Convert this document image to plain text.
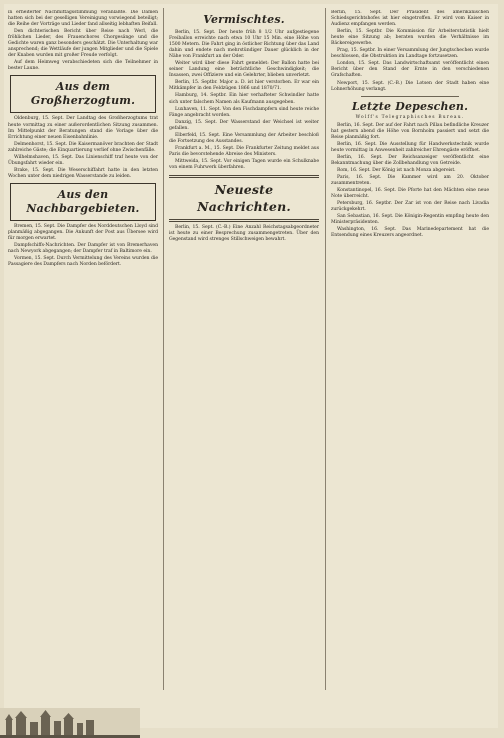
in erheiterter Nachmittagsstimmung veranlaßte. Die Damen hatten sich bei der geselligen Vereinigung vorwiegend beteiligt; die Reihe der Vorträge und Lieder fand allseitig lebhaften Beifall.

Den dichterischen Bericht über Reise nach Werl, die fröhlichen Lieder, des Frauenchores Chorgesänge und die Gedichte waren ganz besonders geschätzt. Die Unterhaltung war ansprechend; die Wettläufe der jungen Mitglieder und die Spiele der Knaben wurden mit großer Freude verfolgt.

Auf dem Heimweg verabschiedeten sich die Teilnehmer in bester Laune.

Aus dem Großherzogtum.

Oldenburg, 15. Sept. Der Landtag des Großherzogtums trat heute vormittag zu einer außerordentlichen Sitzung zusammen. Im Mittelpunkt der Beratungen stand die Vorlage über die Errichtung einer neuen Eisenbahnlinie.

Delmenhorst, 15. Sept. Die Kaisermanöver brachten der Stadt zahlreiche Gäste; die Einquartierung verlief ohne Zwischenfälle.

Wilhelmshaven, 15. Sept. Das Linienschiff traf heute von der Übungsfahrt wieder ein.

Brake, 15. Sept. Die Weserschiffahrt hatte in den letzten Wochen unter dem niedrigen Wasserstande zu leiden.

Aus den Nachbargebieten.

Bremen, 15. Sept. Die Dampfer des Norddeutschen Lloyd sind planmäßig abgegangen. Die Ankunft der Post aus Übersee wird für morgen erwartet.

Dampfschiffs-Nachrichten. Der Dampfer ist von Bremerhaven nach Newyork abgegangen; der Dampfer traf in Baltimore ein.

Vormen, 15. Sept. Durch Vermittelung des Vereins wurden die Passagiere des Dampfers nach Norden befördert.

Vermischtes.

Berlin, 15. Sept. Der heute früh 8 1/2 Uhr aufgestiegene Freiballon erreichte nach etwa 10 Uhr 15 Min. eine Höhe von 1500 Metern. Die Fahrt ging in östlicher Richtung über das Land dahin und endete nach mehrstündiger Dauer glücklich in der Nähe von Frankfurt an der Oder.

Weiter wird über diese Fahrt gemeldet: Der Ballon hatte bei seiner Landung eine beträchtliche Geschwindigkeit; die Insassen, zwei Offiziere und ein Gelehrter, blieben unverletzt.

Berlin, 15. Septbr. Major a. D. ist hier verstorben. Er war ein Mitkämpfer in den Feldzügen 1866 und 1870/71.

Hamburg, 14. Septbr. Ein hier verhafteter Schwindler hatte sich unter falschem Namen als Kaufmann ausgegeben.

Luxhaven, 11. Sept. Von den Fischdampfern sind heute reiche Fänge angebracht worden.

Danzig, 15. Sept. Der Wasserstand der Weichsel ist weiter gefallen.

Elberfeld, 15. Sept. Eine Versammlung der Arbeiter beschloß die Fortsetzung des Ausstandes.

Frankfurt a. M., 15. Sept. Die Frankfurter Zeitung meldet aus Paris die bevorstehende Abreise des Ministers.

Mittweida, 15. Sept. Vor einigen Tagen wurde ein Schulknabe von einem Fuhrwerk überfahren.

Neueste Nachrichten.

Berlin, 15. Sept. (C.-B.) Eine Anzahl Reichstagsabgeordneter ist heute zu einer Besprechung zusammengetreten. Über den Gegenstand wird strenges Stillschweigen bewahrt.

Berlin, 15. Sept. Der Präsident des amerikanischen Schiedsgerichtshofes ist hier eingetroffen. Er wird vom Kaiser in Audienz empfangen werden.

Berlin, 15. Septbr. Die Kommission für Arbeiterstatistik hielt heute eine Sitzung ab; beraten wurden die Verhältnisse im Bäckereigewerbe.

Prag, 15. Septbr. In einer Versammlung der Jungtschechen wurde beschlossen, die Obstruktion im Landtage fortzusetzen.

London, 15. Sept. Das Landwirtschaftsamt veröffentlicht einen Bericht über den Stand der Ernte in den verschiedenen Grafschaften.

Newport, 15. Sept. (C.-B.) Die Lotsen der Stadt haben eine Lohnerhöhung verlangt.

Letzte Depeschen.
Wolff's Telegraphisches Bureau.

Berlin, 16. Sept. Der auf der Fahrt nach Pillau befindliche Kreuzer hat gestern abend die Höhe von Bornholm passiert und setzt die Reise planmäßig fort.

Berlin, 16. Sept. Die Ausstellung für Handwerkstechnik wurde heute vormittag in Anwesenheit zahlreicher Ehrengäste eröffnet.

Berlin, 16. Sept. Der Reichsanzeiger veröffentlicht eine Bekanntmachung über die Zollbehandlung von Getreide.

Rom, 16. Sept. Der König ist nach Monza abgereist.

Paris, 16. Sept. Die Kammer wird am 20. Oktober zusammentreten.

Konstantinopel, 16. Sept. Die Pforte hat den Mächten eine neue Note überreicht.

Petersburg, 16. Septbr. Der Zar ist von der Reise nach Livadia zurückgekehrt.

San Sebastian, 16. Sept. Die Königin-Regentin empfing heute den Ministerpräsidenten.

Washington, 16. Sept. Das Marinedepartement hat die Entsendung eines Kreuzers angeordnet.
